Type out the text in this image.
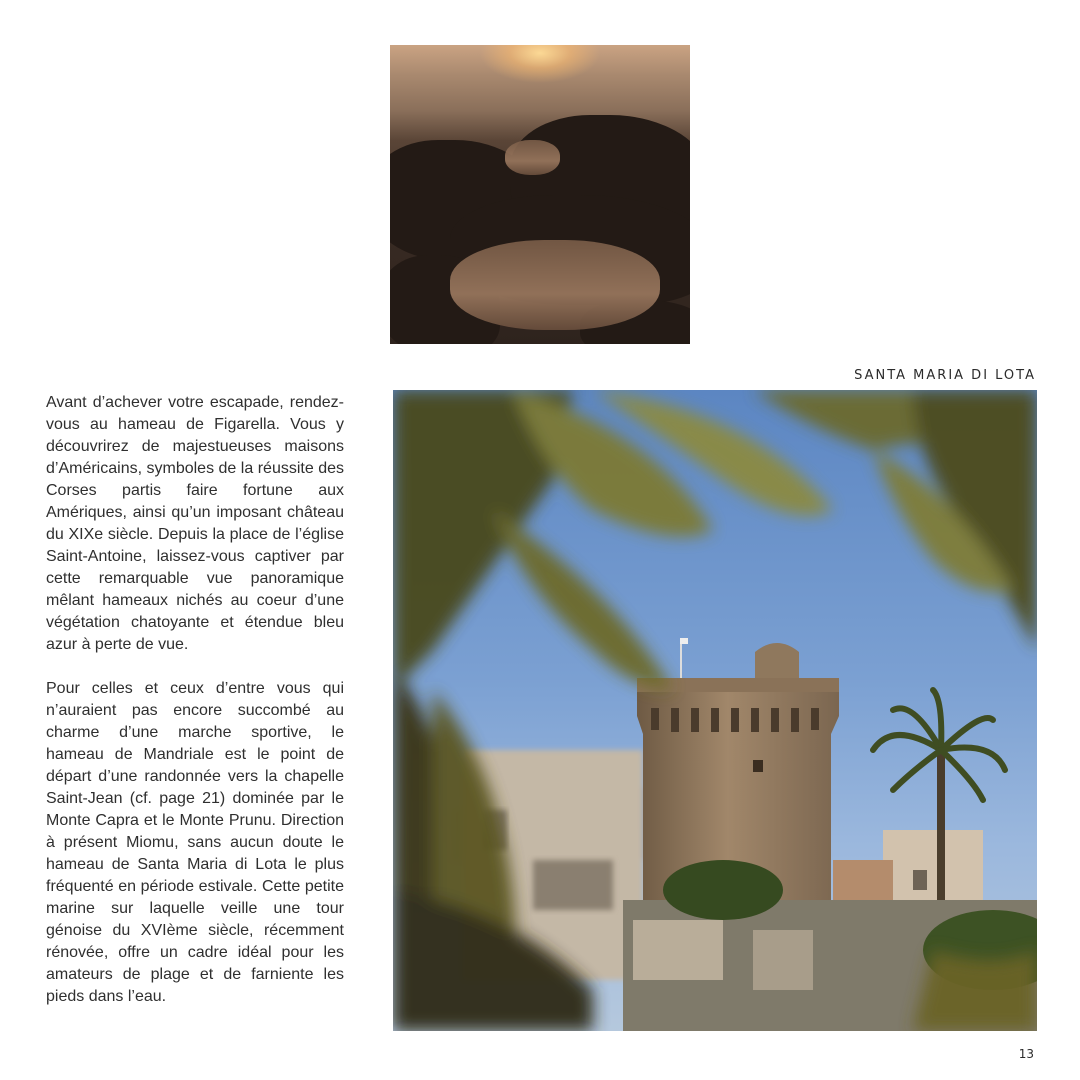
SANTA MARIA DI LOTA

Avant d’achever votre escapade, rendez-vous au hameau de Figarella. Vous y découvrirez de majestueuses maisons d’Américains, symboles de la réussite des Corses partis faire fortune aux Amériques, ainsi qu’un imposant château du XIXe siècle. Depuis la place de l’église Saint-Antoine, laissez-vous captiver par cette remarquable vue panoramique mêlant hameaux nichés au coeur d’une végétation chatoyante et étendue bleu azur à perte de vue.

Pour celles et ceux d’entre vous qui n’auraient pas encore succombé au charme d’une marche sportive, le hameau de Mandriale est le point de départ d’une randonnée vers la chapelle Saint-Jean (cf. page 21) dominée par le Monte Capra et le Monte Prunu. Direction à présent Miomu, sans aucun doute le hameau de Santa Maria di Lota le plus fréquenté en période estivale. Cette petite marine sur laquelle veille une tour génoise du XVIème siècle, récemment rénovée, offre un cadre idéal pour les amateurs de plage et de farniente les pieds dans l’eau.

13
